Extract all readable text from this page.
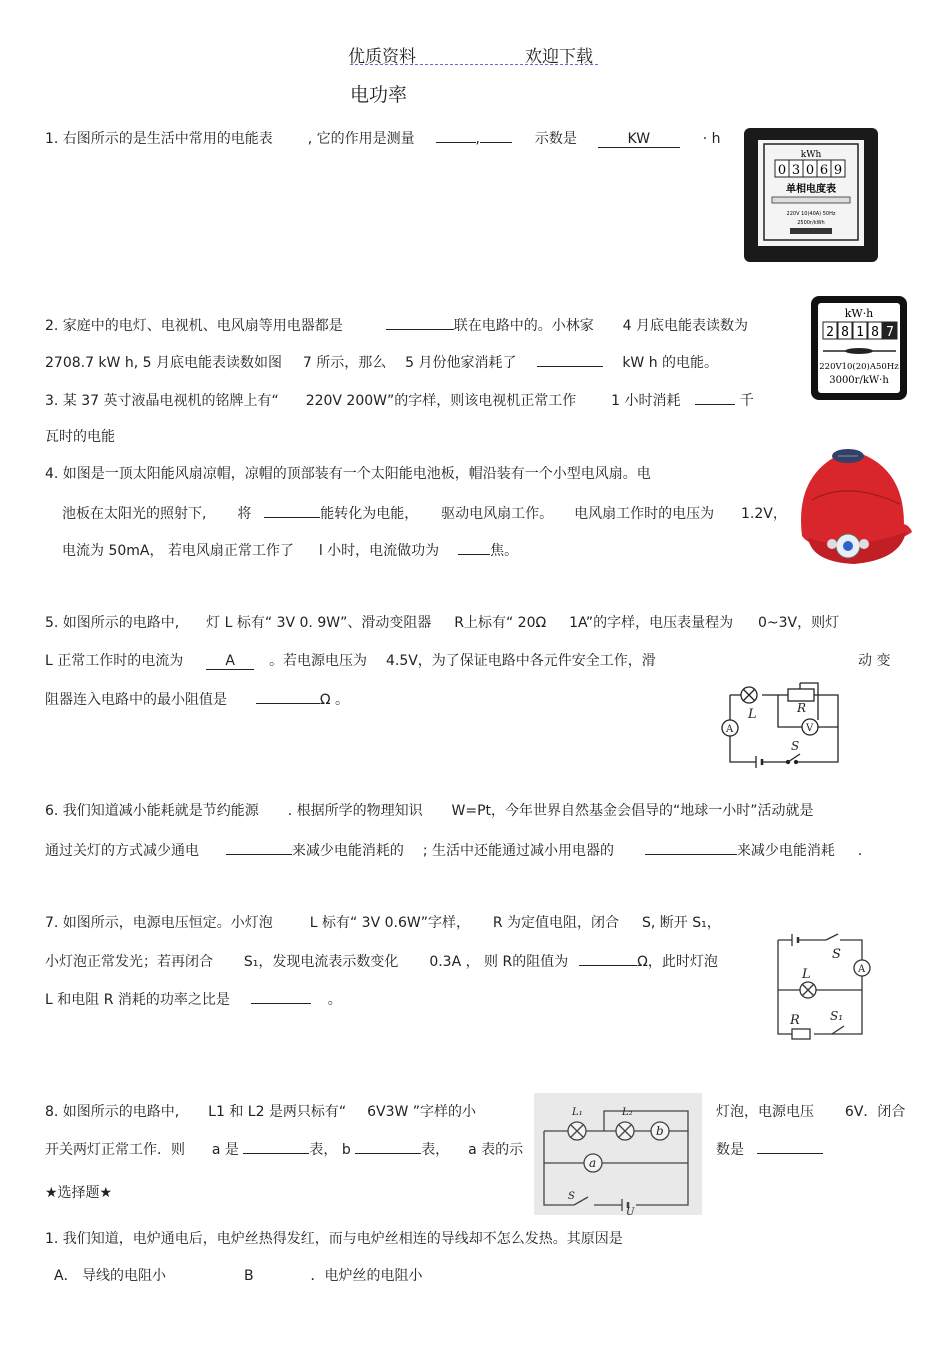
优质资料	欢迎下载
电功率
1. 右图所示的是生活中常用的电能表 , 它的作用是测量	,	示数是	KW	· h
kWh
0 3 0 6 9
单相电度表
220V 10(40A) 50Hz
2500r/kWh
2. 家庭中的电灯、电视机、电风扇等用电器都是	联在电路中的。小林家 4 月底电能表读数为
2708.7 kW h, 5 月底电能表读数如图 7 所示，那么 5 月份他家消耗了	kW h 的电能。
kW·h
2 8 1 8 7
220V10(20)A50Hz
3000r/kW·h
3. 某 37 英寸液晶电视机的铭牌上有“ 220V 200W”的字样，则该电视机正常工作 1 小时消耗	千
瓦时的电能
4. 如图是一顶太阳能风扇凉帽，凉帽的顶部装有一个太阳能电池板，帽沿装有一个小型电风扇。电
池板在太阳光的照射下, 将	能转化为电能， 驱动电风扇工作。 电风扇工作时的电压为 1.2V，
电流为 50mA， 若电风扇正常工作了 l 小时，电流做功为	焦。
5. 如图所示的电路中, 灯 L 标有“ 3V 0. 9W”、滑动变阻器 R上标有“ 20Ω 1A”的字样，电压表量程为 0~3V，则灯
L 正常工作时的电流为	A 。若电源电压为 4.5V，为了保证电路中各元件安全工作，滑	动 变
阻器连入电路中的最小阻值是	Ω 。
L	R
A	V
S
6. 我们知道减小能耗就是节约能源 . 根据所学的物理知识 W=Pt，今年世界自然基金会倡导的“地球一小时”活动就是
通过关灯的方式减少通电	来减少电能消耗的 ; 生活中还能通过减小用电器的	来减少电能消耗 .
7. 如图所示，电源电压恒定。小灯泡	L 标有“ 3V 0.6W”字样， R 为定值电阻，闭合 S, 断开 S₁，
小灯泡正常发光；若再闭合 S₁，发现电流表示数变化 0.3A ， 则 R的阻值为	Ω，此时灯泡
L 和电阻 R 消耗的功率之比是	。
S
A
L
R	S₁
8. 如图所示的电路中, L1 和 L2 是两只标有“ 6V3W ”字样的小	灯泡，电源电压 6V．闭合
开关两灯正常工作．则 a 是	表， b	表， a 表的示	数是
L₁	L₂
b
a
S
U
★选择题★
1. 我们知道，电炉通电后，电炉丝热得发红，而与电炉丝相连的导线却不怎么发热。其原因是
A． 导线的电阻小	B	．电炉丝的电阻小
